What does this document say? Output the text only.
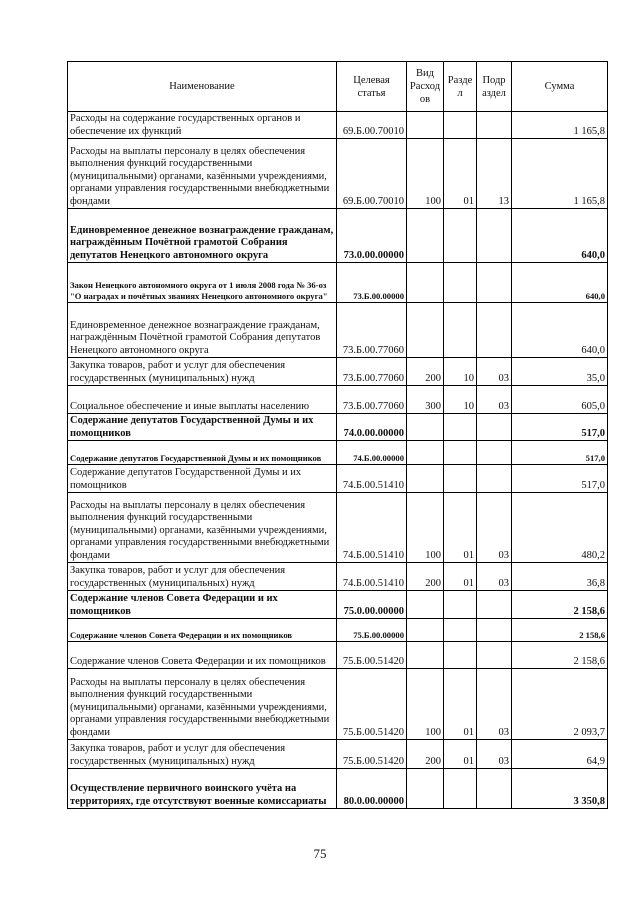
Наименование	Целевая статья	Вид Расход ов	Разде л	Подр аздел	Сумма
Расходы на содержание государственных органов и обеспечение их функций	69.Б.00.70010				1 165,8
Расходы на выплаты персоналу в целях обеспечения выполнения функций государственными (муниципальными) органами, казёнными учреждениями, органами управления государственными внебюджетными фондами	69.Б.00.70010	100	01	13	1 165,8
Единовременное денежное вознаграждение гражданам, награждённым Почётной грамотой Собрания депутатов Ненецкого автономного округа	73.0.00.00000				640,0
Закон Ненецкого автономного округа от 1 июля 2008 года № 36-оз "О наградах и почётных званиях Ненецкого автономного округа"	73.Б.00.00000				640,0
Единовременное денежное вознаграждение гражданам, награждённым Почётной грамотой Собрания депутатов Ненецкого автономного округа	73.Б.00.77060				640,0
Закупка товаров, работ и услуг для обеспечения государственных (муниципальных) нужд	73.Б.00.77060	200	10	03	35,0
Социальное обеспечение и иные выплаты населению	73.Б.00.77060	300	10	03	605,0
Содержание депутатов Государственной Думы и их помощников	74.0.00.00000				517,0
Содержание депутатов Государственной Думы и их помощников	74.Б.00.00000				517,0
Содержание депутатов Государственной Думы и их помощников	74.Б.00.51410				517,0
Расходы на выплаты персоналу в целях обеспечения выполнения функций государственными (муниципальными) органами, казёнными учреждениями, органами управления государственными внебюджетными фондами	74.Б.00.51410	100	01	03	480,2
Закупка товаров, работ и услуг для обеспечения государственных (муниципальных) нужд	74.Б.00.51410	200	01	03	36,8
Содержание членов Совета Федерации и их помощников	75.0.00.00000				2 158,6
Содержание членов Совета Федерации и их помощников	75.Б.00.00000				2 158,6
Содержание членов Совета Федерации и их помощников	75.Б.00.51420				2 158,6
Расходы на выплаты персоналу в целях обеспечения выполнения функций государственными (муниципальными) органами, казёнными учреждениями, органами управления государственными внебюджетными фондами	75.Б.00.51420	100	01	03	2 093,7
Закупка товаров, работ и услуг для обеспечения государственных (муниципальных) нужд	75.Б.00.51420	200	01	03	64,9
Осуществление первичного воинского учёта на территориях, где отсутствуют военные комиссариаты	80.0.00.00000				3 350,8
75
